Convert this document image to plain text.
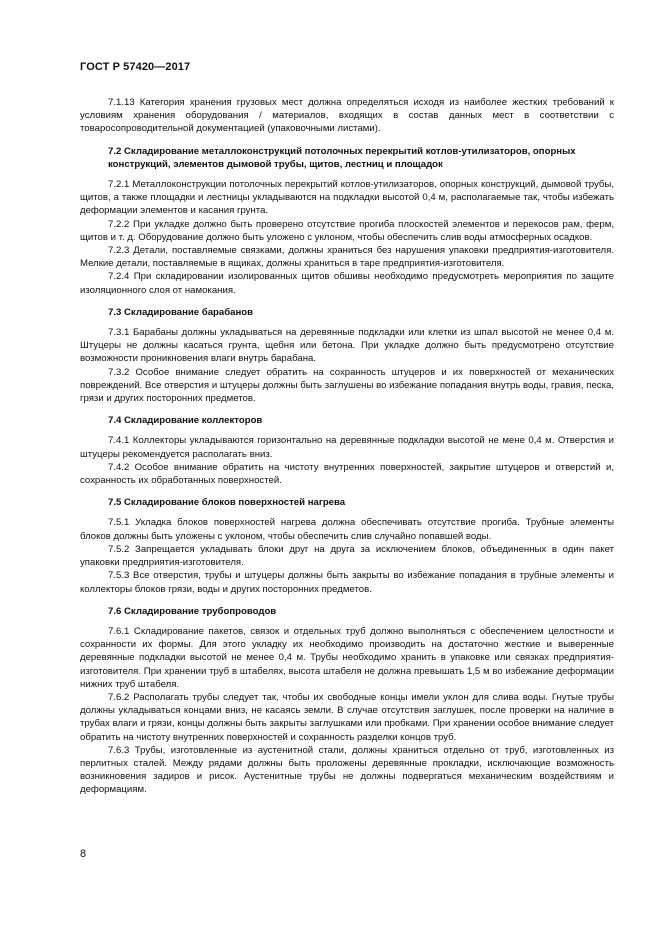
ГОСТ Р 57420—2017

7.1.13 Категория хранения грузовых мест должна определяться исходя из наиболее жестких требований к условиям хранения оборудования / материалов, входящих в состав данных мест в соответствии с товаросопроводительной документацией (упаковочными листами).

7.2 Складирование металлоконструкций потолочных перекрытий котлов-утилизаторов, опорных конструкций, элементов дымовой трубы, щитов, лестниц и площадок

7.2.1 Металлоконструкции потолочных перекрытий котлов-утилизаторов, опорных конструкций, дымовой трубы, щитов, а также площадки и лестницы укладываются на подкладки высотой 0,4 м, располагаемые так, чтобы избежать деформации элементов и касания грунта.

7.2.2 При укладке должно быть проверено отсутствие прогиба плоскостей элементов и перекосов рам, ферм, щитов и т. д. Оборудование должно быть уложено с уклоном, чтобы обеспечить слив воды атмосферных осадков.

7.2.3 Детали, поставляемые связками, должны храниться без нарушения упаковки предприятия-изготовителя. Мелкие детали, поставляемые в ящиках, должны храниться в таре предприятия-изготовителя.

7.2.4 При складировании изолированных щитов обшивы необходимо предусмотреть мероприятия по защите изоляционного слоя от намокания.

7.3 Складирование барабанов

7.3.1 Барабаны должны укладываться на деревянные подкладки или клетки из шпал высотой не менее 0,4 м. Штуцеры не должны касаться грунта, щебня или бетона. При укладке должно быть предусмотрено отсутствие возможности проникновения влаги внутрь барабана.

7.3.2 Особое внимание следует обратить на сохранность штуцеров и их поверхностей от механических повреждений. Все отверстия и штуцеры должны быть заглушены во избежание попадания внутрь воды, гравия, песка, грязи и других посторонних предметов.

7.4 Складирование коллекторов

7.4.1 Коллекторы укладываются горизонтально на деревянные подкладки высотой не мене 0,4 м. Отверстия и штуцеры рекомендуется располагать вниз.

7.4.2 Особое внимание обратить на чистоту внутренних поверхностей, закрытие штуцеров и отверстий и, сохранность их обработанных поверхностей.

7.5 Складирование блоков поверхностей нагрева

7.5.1 Укладка блоков поверхностей нагрева должна обеспечивать отсутствие прогиба. Трубные элементы блоков должны быть уложены с уклоном, чтобы обеспечить слив случайно попавшей воды.

7.5.2 Запрещается укладывать блоки друг на друга за исключением блоков, объединенных в один пакет упаковки предприятия-изготовителя.

7.5.3 Все отверстия, трубы и штуцеры должны быть закрыты во избежание попадания в трубные элементы и коллекторы блоков грязи, воды и других посторонних предметов.

7.6 Складирование трубопроводов

7.6.1 Складирование пакетов, связок и отдельных труб должно выполняться с обеспечением целостности и сохранности их формы. Для этого укладку их необходимо производить на достаточно жесткие и выверенные деревянные подкладки высотой не менее 0,4 м. Трубы необходимо хранить в упаковке или связках предприятия-изготовителя. При хранении труб в штабелях, высота штабеля не должна превышать 1,5 м во избежание деформации нижних труб штабеля.

7.6.2 Располагать трубы следует так, чтобы их свободные концы имели уклон для слива воды. Гнутые трубы должны укладываться концами вниз, не касаясь земли. В случае отсутствия заглушек, после проверки на наличие в трубах влаги и грязи, концы должны быть закрыты заглушками или пробками. При хранении особое внимание следует обратить на чистоту внутренних поверхностей и сохранность разделки концов труб.

7.6.3 Трубы, изготовленные из аустенитной стали, должны храниться отдельно от труб, изготовленных из перлитных сталей. Между рядами должны быть проложены деревянные прокладки, исключающие возможность возникновения задиров и рисок. Аустенитные трубы не должны подвергаться механическим воздействиям и деформациям.

8
